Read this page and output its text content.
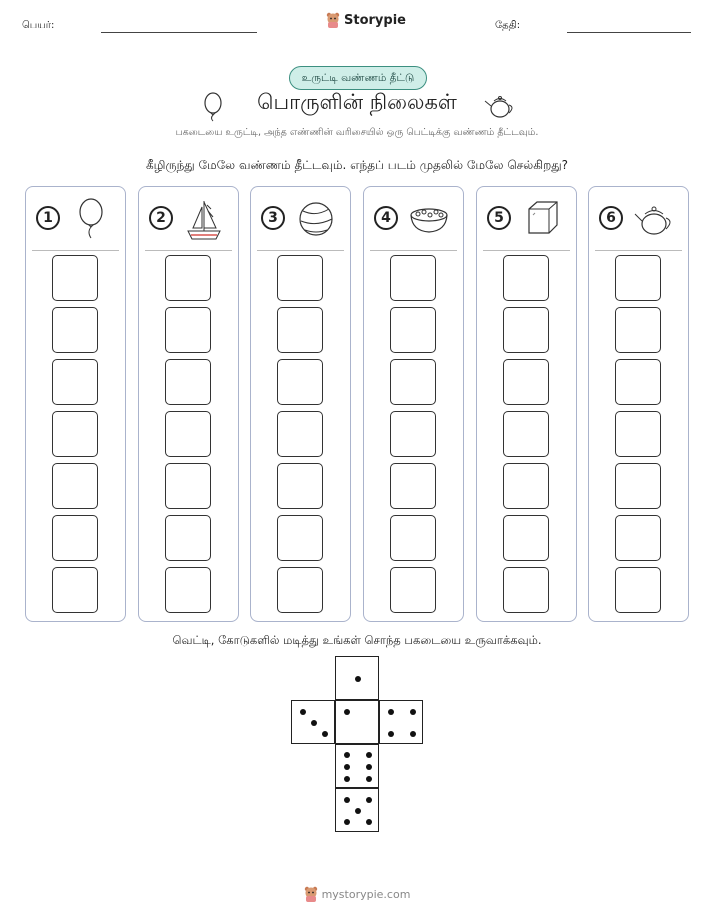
பெயர்:	Storypie	தேதி:
உருட்டி வண்ணம் தீட்டு
பொருளின் நிலைகள்
பகடையை உருட்டி, அந்த எண்ணின் வரிசையில் ஒரு பெட்டிக்கு வண்ணம் தீட்டவும்.
கீழிருந்து மேலே வண்ணம் தீட்டவும். எந்தப் படம் முதலில் மேலே செல்கிறது?
1	2	3	4	5	6
வெட்டி, கோடுகளில் மடித்து உங்கள் சொந்த பகடையை உருவாக்கவும்.
mystorypie.com
